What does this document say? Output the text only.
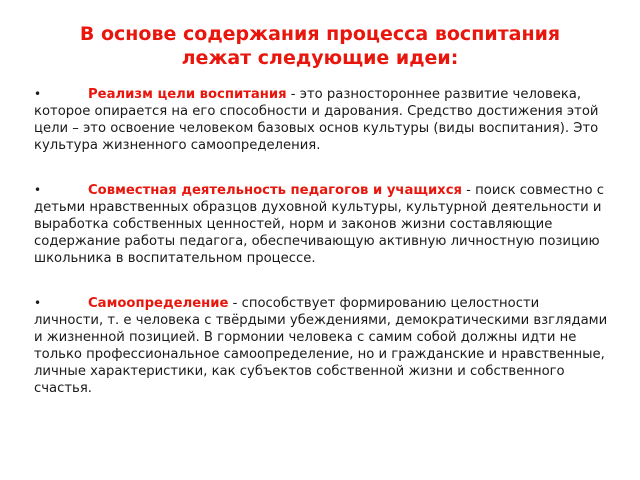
В основе содержания процесса воспитания
лежат следующие идеи:

•	Реализм цели воспитания - это разностороннее развитие человека, которое опирается на его способности и дарования. Средство достижения этой цели – это освоение человеком базовых основ культуры (виды воспитания). Это культура жизненного самоопределения.

•	Совместная деятельность педагогов и учащихся - поиск совместно с детьми нравственных образцов духовной культуры, культурной деятельности и выработка собственных ценностей, норм и законов жизни составляющие содержание работы педагога, обеспечивающую активную личностную позицию школьника в воспитательном процессе.

•	Самоопределение - способствует формированию целостности личности, т. е человека с твёрдыми убеждениями, демократическими взглядами и жизненной позицией. В гормонии человека с самим собой должны идти не только профессиональное самоопределение, но и гражданские и нравственные, личные характеристики, как субъектов собственной жизни и собственного счастья.
